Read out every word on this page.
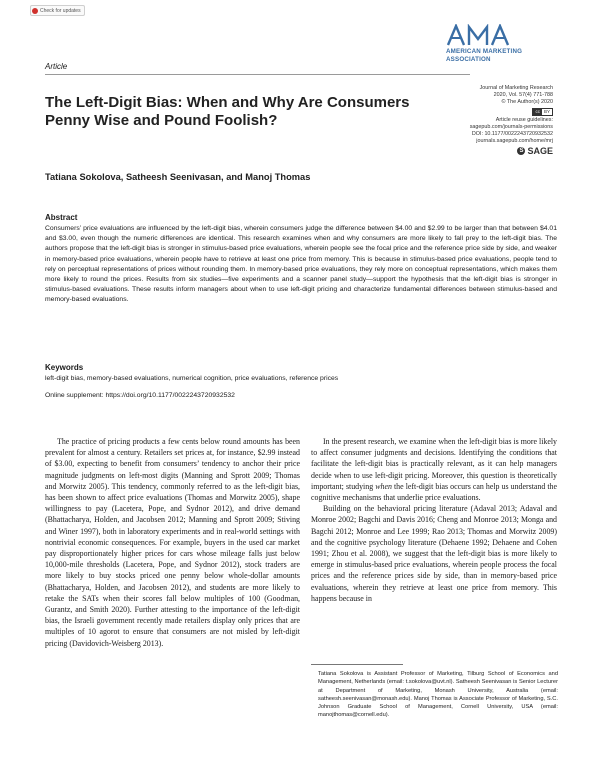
Check for updates
AMERICAN MARKETING
ASSOCIATION
Article
Journal of Marketing Research
2020, Vol. 57(4) 771-788
© The Author(s) 2020
cc BY
Article reuse guidelines:
sagepub.com/journals-permissions
DOI: 10.1177/0022243720932532
journals.sagepub.com/home/mrj
S SAGE
The Left-Digit Bias: When and Why Are Consumers Penny Wise and Pound Foolish?
Tatiana Sokolova, Satheesh Seenivasan, and Manoj Thomas
Abstract
Consumers’ price evaluations are influenced by the left-digit bias, wherein consumers judge the difference between $4.00 and $2.99 to be larger than that between $4.01 and $3.00, even though the numeric differences are identical. This research examines when and why consumers are more likely to fall prey to the left-digit bias. The authors propose that the left-digit bias is stronger in stimulus-based price evaluations, wherein people see the focal price and the reference price side by side, and weaker in memory-based price evaluations, wherein people have to retrieve at least one price from memory. This is because in stimulus-based price evaluations, people tend to rely on perceptual representations of prices without rounding them. In memory-based price evaluations, they rely more on conceptual representations, which makes them more likely to round the prices. Results from six studies—five experiments and a scanner panel study—support the hypothesis that the left-digit bias is stronger in stimulus-based evaluations. These results inform managers about when to use left-digit pricing and characterize fundamental differences between stimulus-based and memory-based evaluations.
Keywords
left-digit bias, memory-based evaluations, numerical cognition, price evaluations, reference prices
Online supplement: https://doi.org/10.1177/0022243720932532

The practice of pricing products a few cents below round amounts has been prevalent for almost a century. Retailers set prices at, for instance, $2.99 instead of $3.00, expecting to benefit from consumers’ tendency to anchor their price magnitude judgments on left-most digits (Manning and Sprott 2009; Thomas and Morwitz 2005). This tendency, commonly referred to as the left-digit bias, has been shown to affect price evaluations (Thomas and Morwitz 2005), shape willingness to pay (Lacetera, Pope, and Sydnor 2012), and drive demand (Bhattacharya, Holden, and Jacobsen 2012; Manning and Sprott 2009; Stiving and Winer 1997), both in laboratory experiments and in real-world settings with nontrivial economic consequences. For example, buyers in the used car market pay disproportionately higher prices for cars whose mileage falls just below 10,000-mile thresholds (Lacetera, Pope, and Sydnor 2012), stock traders are more likely to buy stocks priced one penny below whole-dollar amounts (Bhattacharya, Holden, and Jacobsen 2012), and students are more likely to retake the SATs when their scores fall below multiples of 100 (Goodman, Gurantz, and Smith 2020). Further attesting to the importance of the left-digit bias, the Israeli government recently made retailers display only prices that are multiples of 10 agorot to ensure that consumers are not misled by left-digit pricing (Davidovich-Weisberg 2013).

In the present research, we examine when the left-digit bias is more likely to affect consumer judgments and decisions. Identifying the conditions that facilitate the left-digit bias is practically relevant, as it can help managers decide when to use left-digit pricing. Moreover, this question is theoretically important; studying when the left-digit bias occurs can help us understand the cognitive mechanisms that underlie price evaluations.

Building on the behavioral pricing literature (Adaval 2013; Adaval and Monroe 2002; Bagchi and Davis 2016; Cheng and Monroe 2013; Monga and Bagchi 2012; Monroe and Lee 1999; Rao 2013; Thomas and Morwitz 2009) and the cognitive psychology literature (Dehaene 1992; Dehaene and Cohen 1991; Zhou et al. 2008), we suggest that the left-digit bias is more likely to emerge in stimulus-based price evaluations, wherein people process the focal prices and the reference prices side by side, than in memory-based price evaluations, wherein they retrieve at least one price from memory. This happens because in

Tatiana Sokolova is Assistant Professor of Marketing, Tilburg School of Economics and Management, Netherlands (email: t.sokolova@uvt.nl). Satheesh Seenivasan is Senior Lecturer at Department of Marketing, Monash University, Australia (email: satheesh.seenivasan@monash.edu). Manoj Thomas is Associate Professor of Marketing, S.C. Johnson Graduate School of Management, Cornell University, USA (email: manojthomas@cornell.edu).
